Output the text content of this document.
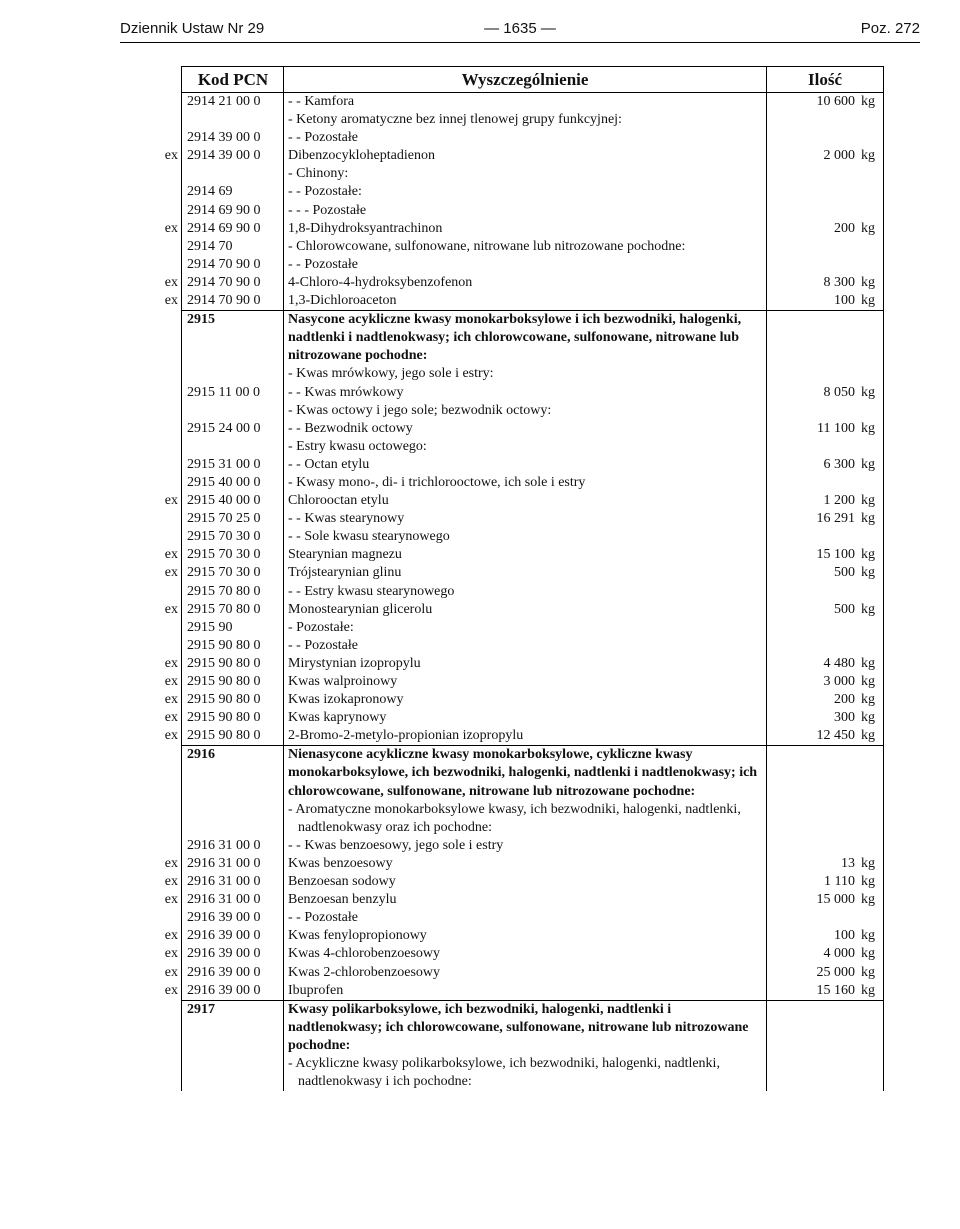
Dziennik Ustaw Nr 29	— 1635 —	Poz. 272
	Kod PCN	Wyszczególnienie	Ilość
	2914 21 00 0	- - Kamfora	10 600 kg
		- Ketony aromatyczne bez innej tlenowej grupy funkcyjnej:	
	2914 39 00 0	- - Pozostałe	
ex	2914 39 00 0	Dibenzocykloheptadienon	2 000 kg
		- Chinony:	
	2914 69	- - Pozostałe:	
	2914 69 90 0	- - - Pozostałe	
ex	2914 69 90 0	1,8-Dihydroksyantrachinon	200 kg
	2914 70	- Chlorowcowane, sulfonowane, nitrowane lub nitrozowane pochodne:	
	2914 70 90 0	- - Pozostałe	
ex	2914 70 90 0	4-Chloro-4-hydroksybenzofenon	8 300 kg
ex	2914 70 90 0	1,3-Dichloroaceton	100 kg
	2915	Nasycone acykliczne kwasy monokarboksylowe i ich bezwodniki, halogenki, nadtlenki i nadtlenokwasy; ich chlorowcowane, sulfonowane, nitrowane lub nitrozowane pochodne:	
		- Kwas mrówkowy, jego sole i estry:	
	2915 11 00 0	- - Kwas mrówkowy	8 050 kg
		- Kwas octowy i jego sole; bezwodnik octowy:	
	2915 24 00 0	- - Bezwodnik octowy	11 100 kg
		- Estry kwasu octowego:	
	2915 31 00 0	- - Octan etylu	6 300 kg
	2915 40 00 0	- Kwasy mono-, di- i trichlorooctowe, ich sole i estry	
ex	2915 40 00 0	Chlorooctan etylu	1 200 kg
	2915 70 25 0	- - Kwas stearynowy	16 291 kg
	2915 70 30 0	- - Sole kwasu stearynowego	
ex	2915 70 30 0	Stearynian magnezu	15 100 kg
ex	2915 70 30 0	Trójstearynian glinu	500 kg
	2915 70 80 0	- - Estry kwasu stearynowego	
ex	2915 70 80 0	Monostearynian glicerolu	500 kg
	2915 90	- Pozostałe:	
	2915 90 80 0	- - Pozostałe	
ex	2915 90 80 0	Mirystynian izopropylu	4 480 kg
ex	2915 90 80 0	Kwas walproinowy	3 000 kg
ex	2915 90 80 0	Kwas izokapronowy	200 kg
ex	2915 90 80 0	Kwas kaprynowy	300 kg
ex	2915 90 80 0	2-Bromo-2-metylo-propionian izopropylu	12 450 kg
	2916	Nienasycone acykliczne kwasy monokarboksylowe, cykliczne kwasy monokarboksylowe, ich bezwodniki, halogenki, nadtlenki i nadtlenokwasy; ich chlorowcowane, sulfonowane, nitrowane lub nitrozowane pochodne:	
		- Aromatyczne monokarboksylowe kwasy, ich bezwodniki, halogenki, nadtlenki, nadtlenokwasy oraz ich pochodne:	
	2916 31 00 0	- - Kwas benzoesowy, jego sole i estry	
ex	2916 31 00 0	Kwas benzoesowy	13 kg
ex	2916 31 00 0	Benzoesan sodowy	1 110 kg
ex	2916 31 00 0	Benzoesan benzylu	15 000 kg
	2916 39 00 0	- - Pozostałe	
ex	2916 39 00 0	Kwas fenylopropionowy	100 kg
ex	2916 39 00 0	Kwas 4-chlorobenzoesowy	4 000 kg
ex	2916 39 00 0	Kwas 2-chlorobenzoesowy	25 000 kg
ex	2916 39 00 0	Ibuprofen	15 160 kg
	2917	Kwasy polikarboksylowe, ich bezwodniki, halogenki, nadtlenki i nadtlenokwasy; ich chlorowcowane, sulfonowane, nitrowane lub nitrozowane pochodne:	
		- Acykliczne kwasy polikarboksylowe, ich bezwodniki, halogenki, nadtlenki, nadtlenokwasy i ich pochodne:	
